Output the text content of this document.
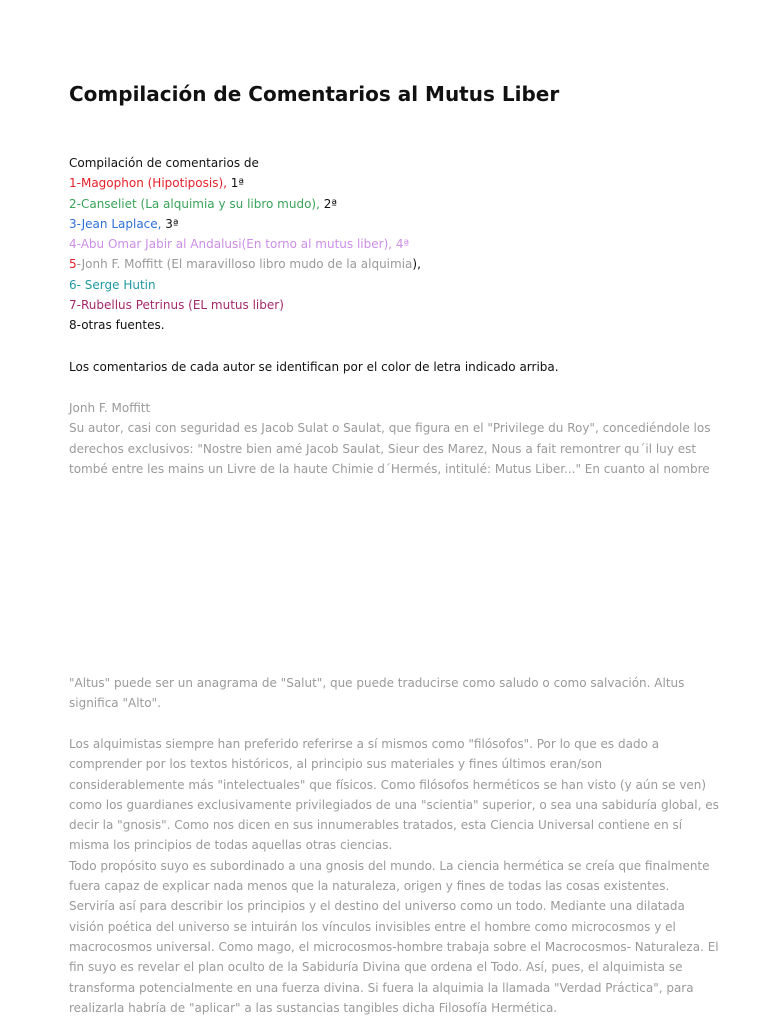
Compilación de Comentarios al Mutus Liber
Compilación de comentarios de
1-Magophon (Hipotiposis), 1ª
2-Canseliet (La alquimia y su libro mudo), 2ª
3-Jean Laplace, 3ª
4-Abu Omar Jabir al Andalusi(En torno al mutus liber), 4ª
5-Jonh F. Moffitt (El maravilloso libro mudo de la alquimia),
6- Serge Hutin
7-Rubellus Petrinus (EL mutus liber)
8-otras fuentes.
Los comentarios de cada autor se identifican por el color de letra indicado arriba.
Jonh F. Moffitt
Su autor, casi con seguridad es Jacob Sulat o Saulat, que figura en el "Privilege du Roy", concediéndole los
derechos exclusivos: "Nostre bien amé Jacob Saulat, Sieur des Marez, Nous a fait remontrer qu´il luy est
tombé entre les mains un Livre de la haute Chimie d´Hermés, intitulé: Mutus Liber..." En cuanto al nombre
"Altus" puede ser un anagrama de "Salut", que puede traducirse como saludo o como salvación. Altus
significa "Alto".
Los alquimistas siempre han preferido referirse a sí mismos como "filósofos". Por lo que es dado a
comprender por los textos históricos, al principio sus materiales y fines últimos eran/son
considerablemente más "intelectuales" que físicos. Como filósofos herméticos se han visto (y aún se ven)
como los guardianes exclusivamente privilegiados de una "scientia" superior, o sea una sabiduría global, es
decir la "gnosis". Como nos dicen en sus innumerables tratados, esta Ciencia Universal contiene en sí
misma los principios de todas aquellas otras ciencias.
Todo propósito suyo es subordinado a una gnosis del mundo. La ciencia hermética se creía que finalmente
fuera capaz de explicar nada menos que la naturaleza, origen y fines de todas las cosas existentes.
Serviría así para describir los principios y el destino del universo como un todo. Mediante una dilatada
visión poética del universo se intuirán los vínculos invisibles entre el hombre como microcosmos y el
macrocosmos universal. Como mago, el microcosmos-hombre trabaja sobre el Macrocosmos- Naturaleza. El
fin suyo es revelar el plan oculto de la Sabiduría Divina que ordena el Todo. Así, pues, el alquimista se
transforma potencialmente en una fuerza divina. Si fuera la alquimia la llamada "Verdad Práctica", para
realizarla habría de "aplicar" a las sustancias tangibles dicha Filosofía Hermética.
